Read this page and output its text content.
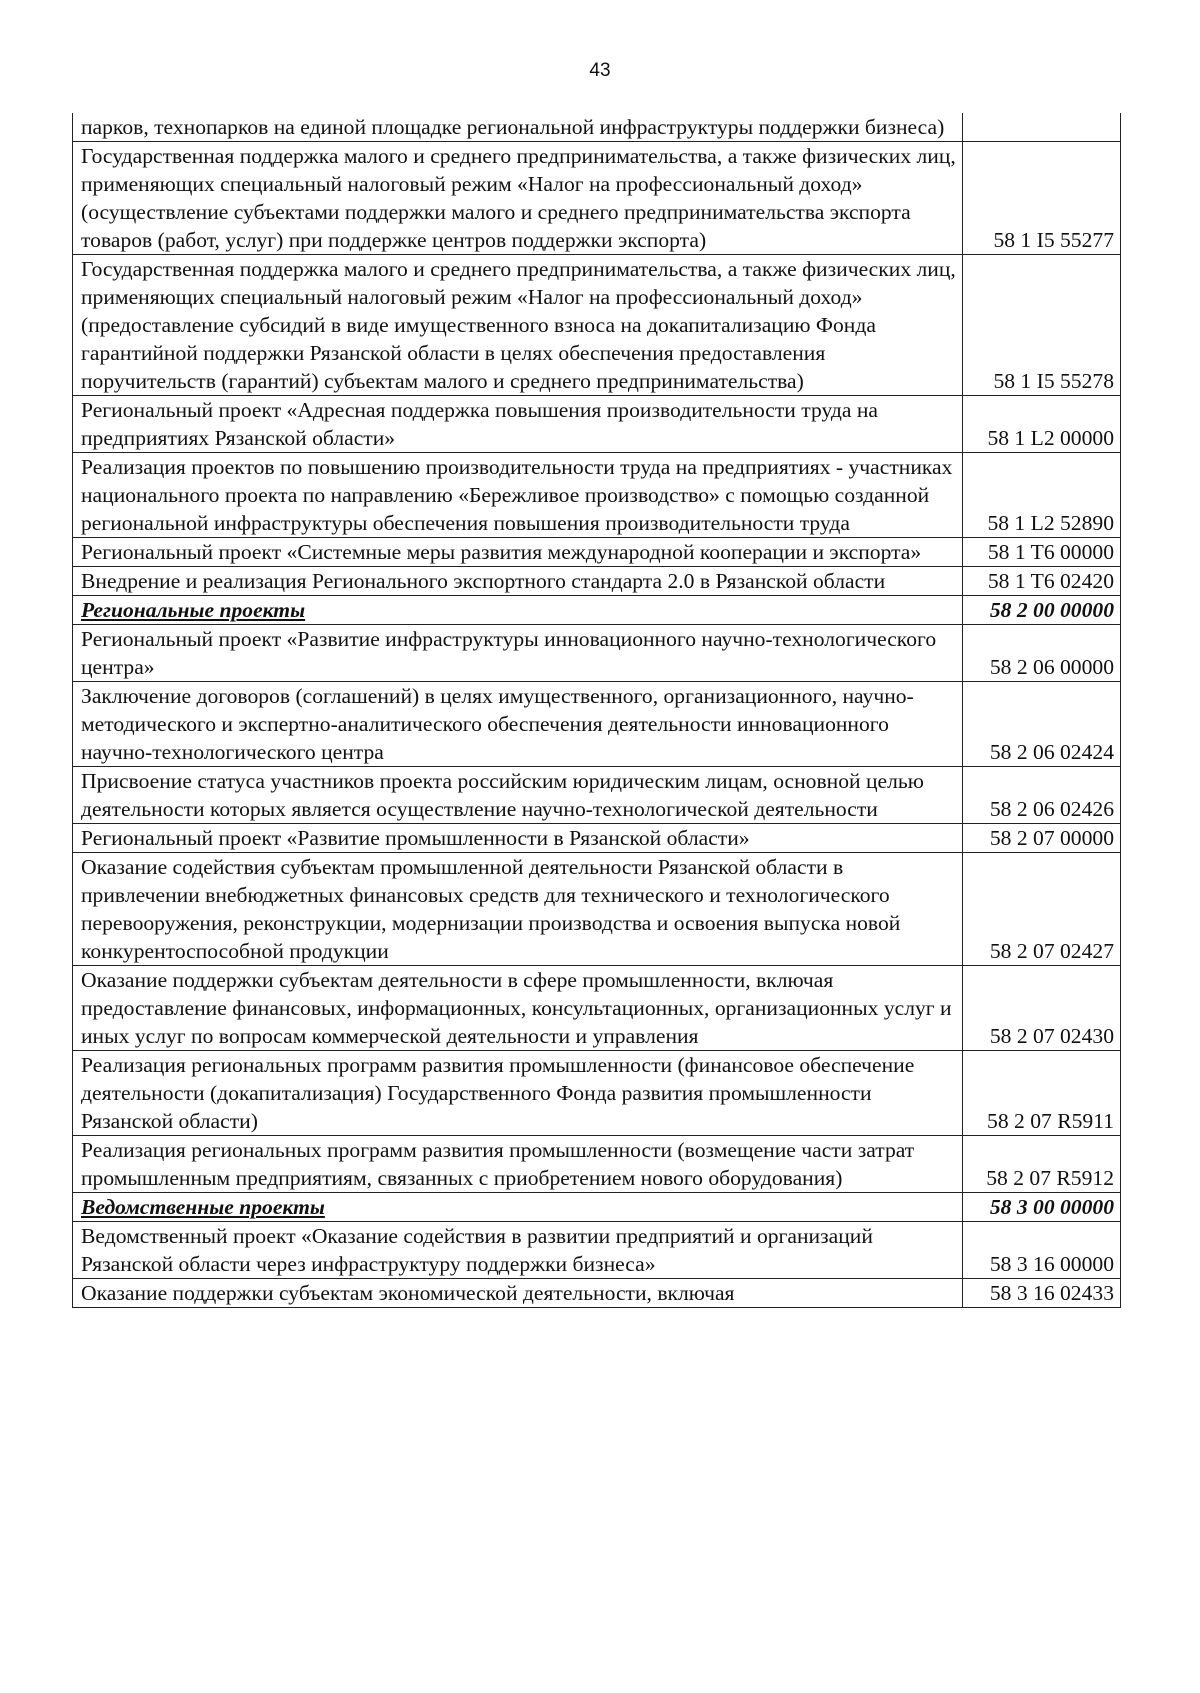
43
парков, технопарков на единой площадке региональной инфраструктуры поддержки бизнеса)	
Государственная поддержка малого и среднего предпринимательства, а также физических лиц, применяющих специальный налоговый режим «Налог на профессиональный доход» (осуществление субъектами поддержки малого и среднего предпринимательства экспорта товаров (работ, услуг) при поддержке центров поддержки экспорта)	58 1 I5 55277
Государственная поддержка малого и среднего предпринимательства, а также физических лиц, применяющих специальный налоговый режим «Налог на профессиональный доход» (предоставление субсидий в виде имущественного взноса на докапитализацию Фонда гарантийной поддержки Рязанской области в целях обеспечения предоставления поручительств (гарантий) субъектам малого и среднего предпринимательства)	58 1 I5 55278
Региональный проект «Адресная поддержка повышения производительности труда на предприятиях Рязанской области»	58 1 L2 00000
Реализация проектов по повышению производительности труда на предприятиях - участниках национального проекта по направлению «Бережливое производство» с помощью созданной региональной инфраструктуры обеспечения повышения производительности труда	58 1 L2 52890
Региональный проект «Системные меры развития международной кооперации и экспорта»	58 1 T6 00000
Внедрение и реализация Регионального экспортного стандарта 2.0 в Рязанской области	58 1 T6 02420
Региональные проекты	58 2 00 00000
Региональный проект «Развитие инфраструктуры инновационного научно-технологического центра»	58 2 06 00000
Заключение договоров (соглашений) в целях имущественного, организационного, научно-методического и экспертно-аналитического обеспечения деятельности инновационного научно-технологического центра	58 2 06 02424
Присвоение статуса участников проекта российским юридическим лицам, основной целью деятельности которых является осуществление научно-технологической деятельности	58 2 06 02426
Региональный проект «Развитие промышленности в Рязанской области»	58 2 07 00000
Оказание содействия субъектам промышленной деятельности Рязанской области в привлечении внебюджетных финансовых средств для технического и технологического перевооружения, реконструкции, модернизации производства и освоения выпуска новой конкурентоспособной продукции	58 2 07 02427
Оказание поддержки субъектам деятельности в сфере промышленности, включая предоставление финансовых, информационных, консультационных, организационных услуг и иных услуг по вопросам коммерческой деятельности и управления	58 2 07 02430
Реализация региональных программ развития промышленности (финансовое обеспечение деятельности (докапитализация) Государственного Фонда развития промышленности Рязанской области)	58 2 07 R5911
Реализация региональных программ развития промышленности (возмещение части затрат промышленным предприятиям, связанных с приобретением нового оборудования)	58 2 07 R5912
Ведомственные проекты	58 3 00 00000
Ведомственный проект «Оказание содействия в развитии предприятий и организаций Рязанской области через инфраструктуру поддержки бизнеса»	58 3 16 00000
Оказание поддержки субъектам экономической деятельности, включая	58 3 16 02433
